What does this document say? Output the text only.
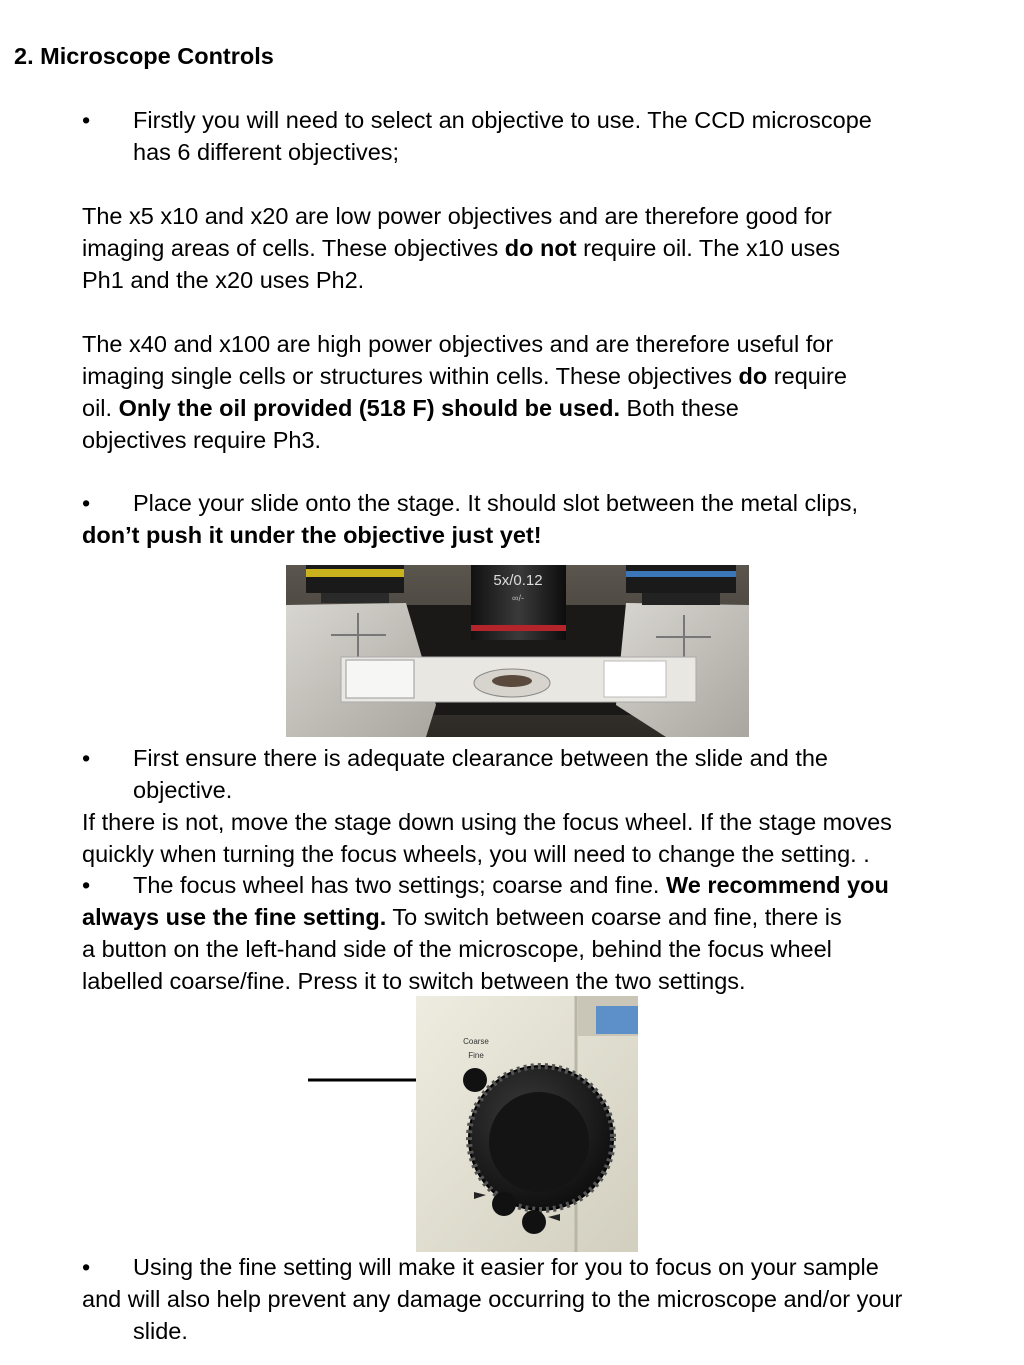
2. Microscope Controls
• Firstly you will need to select an objective to use. The CCD microscope
has 6 different objectives;
The x5 x10 and x20 are low power objectives and are therefore good for
imaging areas of cells. These objectives do not require oil. The x10 uses
Ph1 and the x20 uses Ph2.
The x40 and x100 are high power objectives and are therefore useful for
imaging single cells or structures within cells. These objectives do require
oil. Only the oil provided (518 F) should be used. Both these
objectives require Ph3.
• Place your slide onto the stage. It should slot between the metal clips,
don’t push it under the objective just yet!
5x/0.12
∞/-
• First ensure there is adequate clearance between the slide and the
objective.
If there is not, move the stage down using the focus wheel. If the stage moves
quickly when turning the focus wheels, you will need to change the setting. .
• The focus wheel has two settings; coarse and fine. We recommend you
always use the fine setting. To switch between coarse and fine, there is
a button on the left-hand side of the microscope, behind the focus wheel
labelled coarse/fine. Press it to switch between the two settings.
Coarse
Fine
• Using the fine setting will make it easier for you to focus on your sample
and will also help prevent any damage occurring to the microscope and/or your
slide.
